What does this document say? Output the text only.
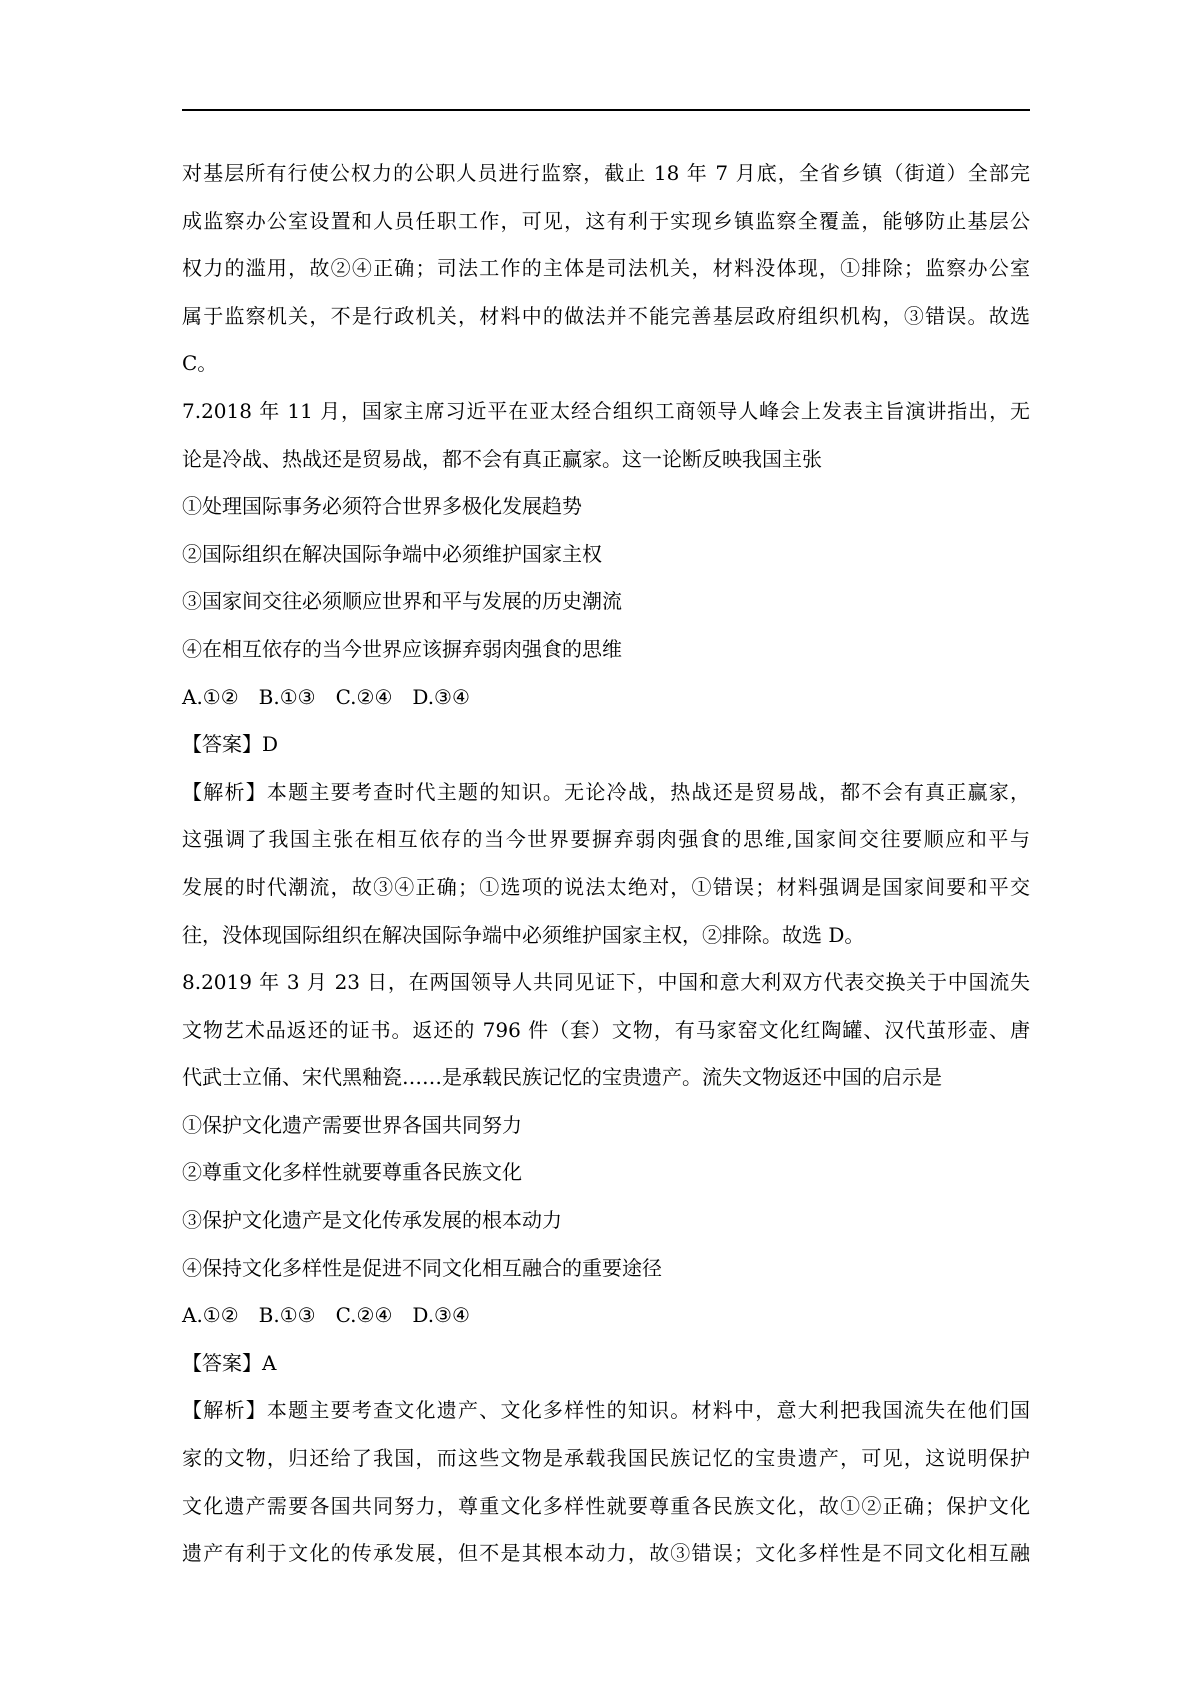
对基层所有行使公权力的公职人员进行监察，截止 18 年 7 月底，全省乡镇（街道）全部完
成监察办公室设置和人员任职工作，可见，这有利于实现乡镇监察全覆盖，能够防止基层公
权力的滥用，故②④正确；司法工作的主体是司法机关，材料没体现，①排除；监察办公室
属于监察机关，不是行政机关，材料中的做法并不能完善基层政府组织机构，③错误。故选
C。
7.2018 年 11 月，国家主席习近平在亚太经合组织工商领导人峰会上发表主旨演讲指出，无
论是冷战、热战还是贸易战，都不会有真正赢家。这一论断反映我国主张
①处理国际事务必须符合世界多极化发展趋势
②国际组织在解决国际争端中必须维护国家主权
③国家间交往必须顺应世界和平与发展的历史潮流
④在相互依存的当今世界应该摒弃弱肉强食的思维
A.①②　B.①③　C.②④　D.③④
【答案】D
【解析】本题主要考查时代主题的知识。无论冷战，热战还是贸易战，都不会有真正赢家，
这强调了我国主张在相互依存的当今世界要摒弃弱肉强食的思维,国家间交往要顺应和平与
发展的时代潮流，故③④正确；①选项的说法太绝对，①错误；材料强调是国家间要和平交
往，没体现国际组织在解决国际争端中必须维护国家主权，②排除。故选 D。
8.2019 年 3 月 23 日，在两国领导人共同见证下，中国和意大利双方代表交换关于中国流失
文物艺术品返还的证书。返还的 796 件（套）文物，有马家窑文化红陶罐、汉代茧形壶、唐
代武士立俑、宋代黑釉瓷……是承载民族记忆的宝贵遗产。流失文物返还中国的启示是
①保护文化遗产需要世界各国共同努力
②尊重文化多样性就要尊重各民族文化
③保护文化遗产是文化传承发展的根本动力
④保持文化多样性是促进不同文化相互融合的重要途径
A.①②　B.①③　C.②④　D.③④
【答案】A
【解析】本题主要考查文化遗产、文化多样性的知识。材料中，意大利把我国流失在他们国
家的文物，归还给了我国，而这些文物是承载我国民族记忆的宝贵遗产，可见，这说明保护
文化遗产需要各国共同努力，尊重文化多样性就要尊重各民族文化，故①②正确；保护文化
遗产有利于文化的传承发展，但不是其根本动力，故③错误；文化多样性是不同文化相互融
